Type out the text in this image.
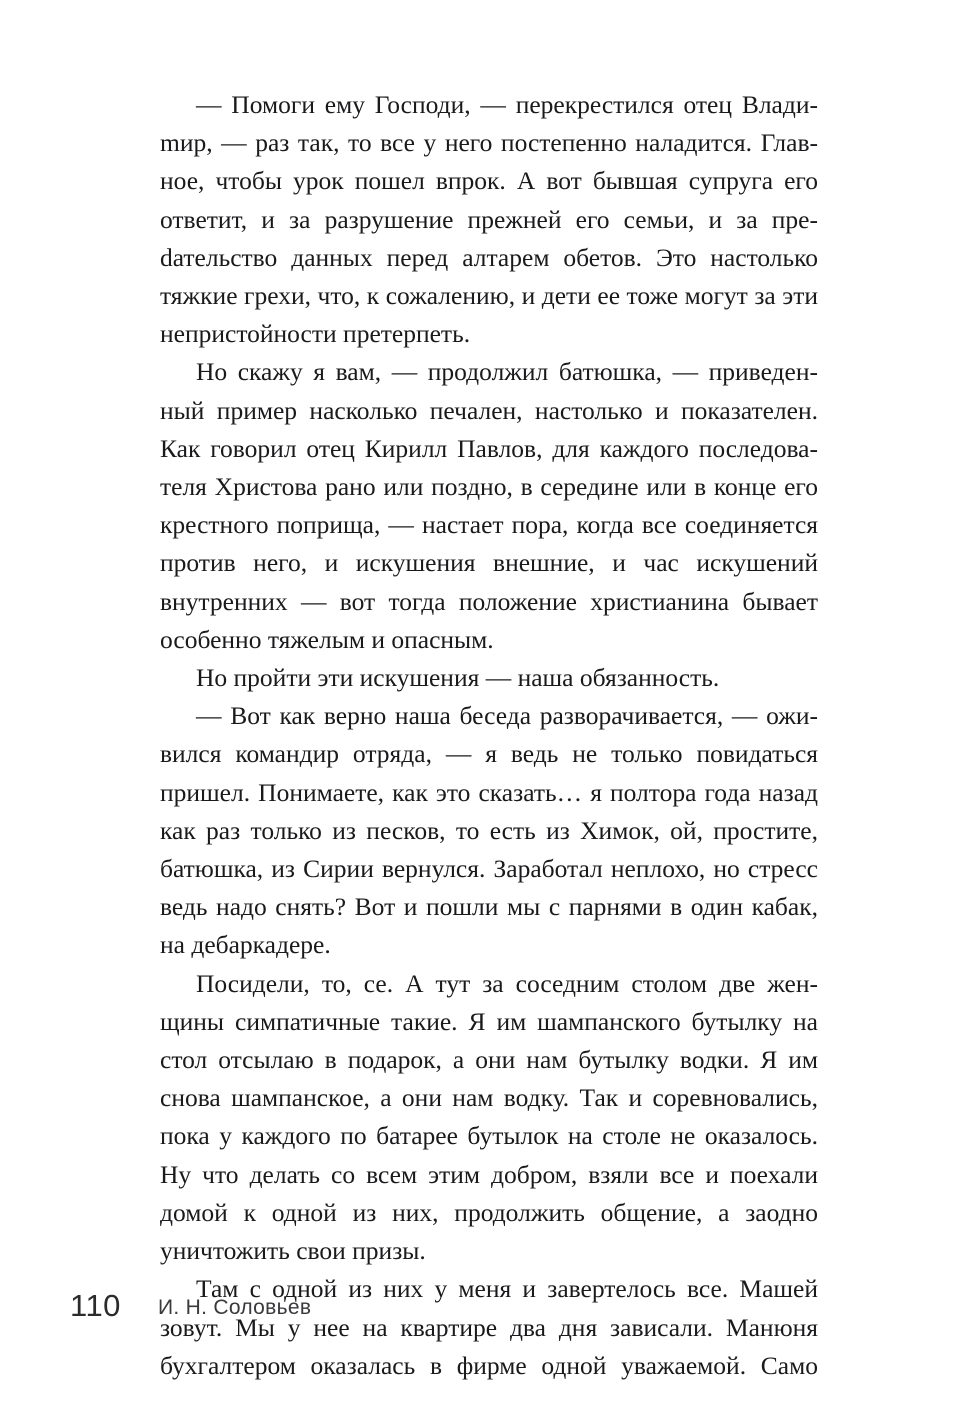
— Помоги ему Господи, — перекрестился отец Владиmир, — раз так, то все у него постепенно наладится. Главное, чтобы урок пошел впрок. А вот бывшая супруга его ответит, и за разрушение прежней его семьи, и за преdательство данных перед алтарем обетов. Это настолько тяжкие грехи, что, к сожалению, и дети ее тоже могут за эти непристойности претерпеть.

Но скажу я вам, — продолжил батюшка, — приведенный пример насколько печален, настолько и показателен. Как говорил отец Кирилл Павлов, для каждого последователя Христова рано или поздно, в середине или в конце его крестного поприща, — настает пора, когда все соединяется против него, и искушения внешние, и час искушений внутренних — вот тогда положение христианина бывает особенно тяжелым и опасным.

Но пройти эти искушения — наша обязанность.

— Вот как верно наша беседа разворачивается, — оживился командир отряда, — я ведь не только повидаться пришел. Понимаете, как это сказать… я полтора года назад как раз только из песков, то есть из Химок, ой, простите, батюшка, из Сирии вернулся. Заработал неплохо, но стресс ведь надо снять? Вот и пошли мы с парнями в один кабак, на дебаркадере.

Посидели, то, се. А тут за соседним столом две женщины симпатичные такие. Я им шампанского бутылку на стол отсылаю в подарок, а они нам бутылку водки. Я им снова шампанское, а они нам водку. Так и соревновались, пока у каждого по батарее бутылок на столе не оказалось. Ну что делать со всем этим добром, взяли все и поехали домой к одной из них, продолжить общение, а заодно уничтожить свои призы.

Там с одной из них у меня и завертелось все. Машей зовут. Мы у нее на квартире два дня зависали. Манюня бухгалтером оказалась в фирме одной уважаемой. Само

110 И. Н. Соловьев
